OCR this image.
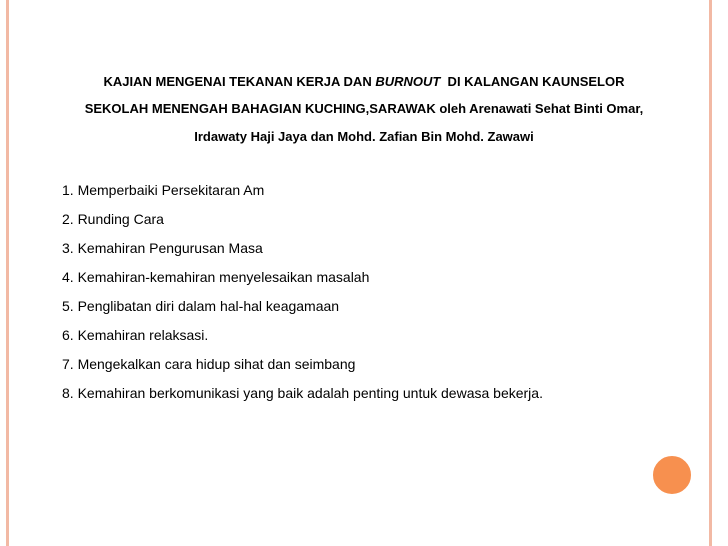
KAJIAN MENGENAI TEKANAN KERJA DAN BURNOUT  DI KALANGAN KAUNSELOR
SEKOLAH MENENGAH BAHAGIAN KUCHING,SARAWAK oleh Arenawati Sehat Binti Omar,
Irdawaty Haji Jaya dan Mohd. Zafian Bin Mohd. Zawawi
1. Memperbaiki Persekitaran Am
2. Runding Cara
3. Kemahiran Pengurusan Masa
4. Kemahiran-kemahiran menyelesaikan masalah
5. Penglibatan diri dalam hal-hal keagamaan
6. Kemahiran relaksasi.
7. Mengekalkan cara hidup sihat dan seimbang
8. Kemahiran berkomunikasi yang baik adalah penting untuk dewasa bekerja.
